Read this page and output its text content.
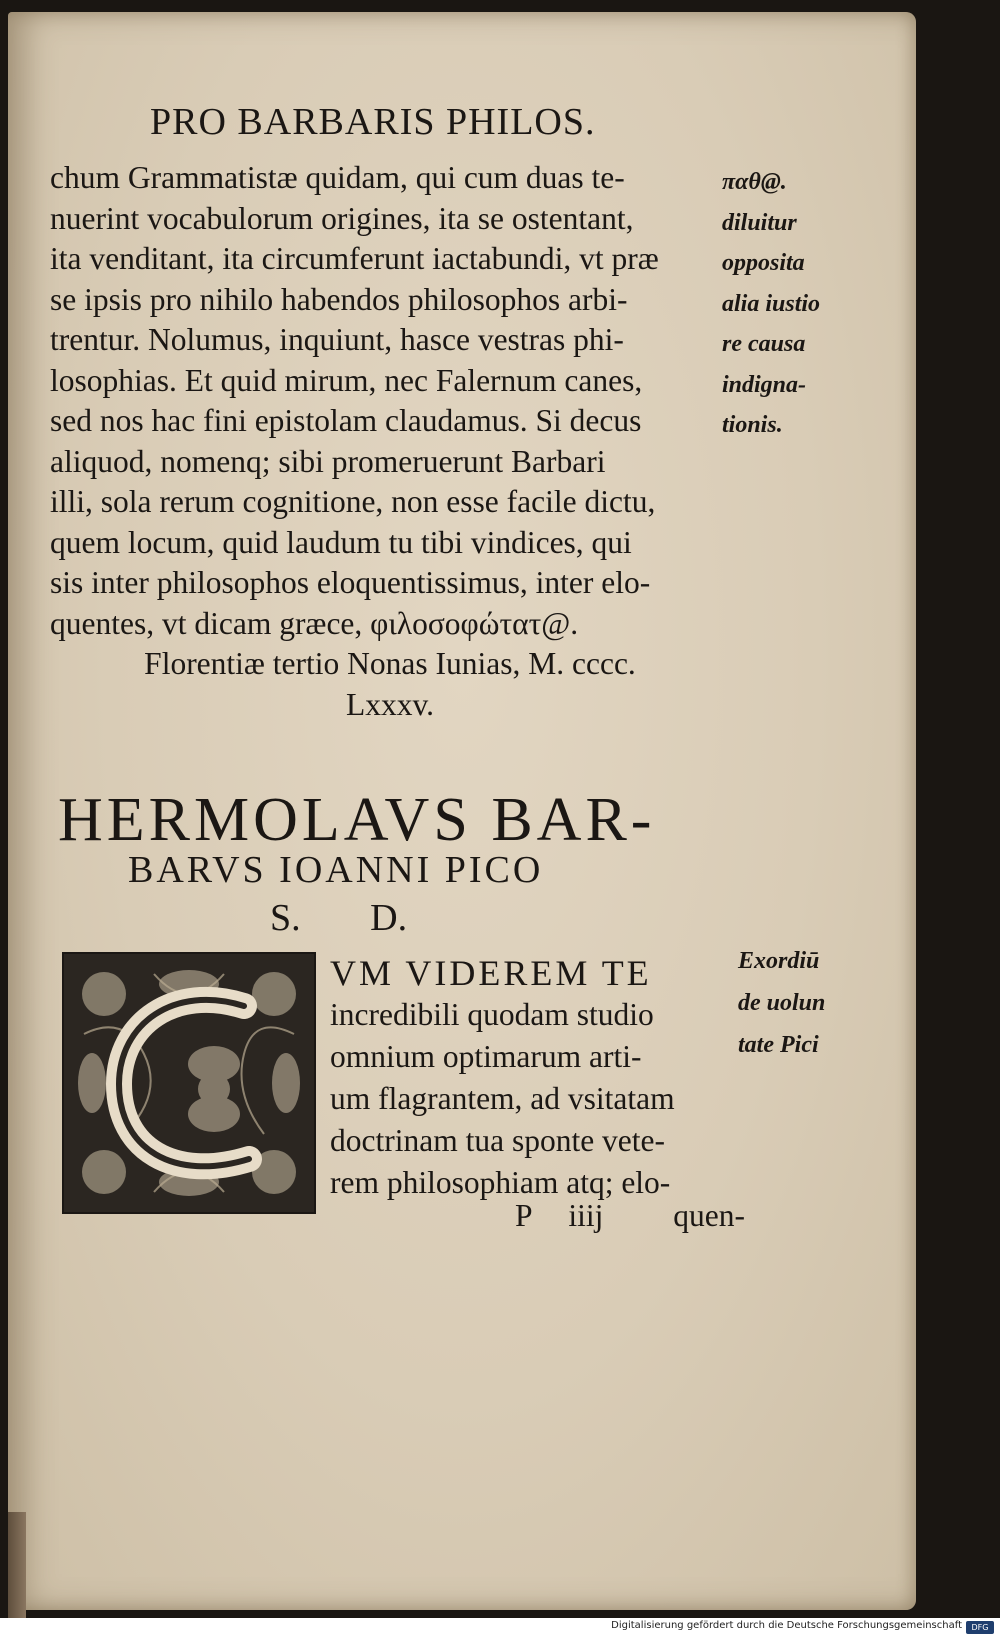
PRO BARBARIS PHILOS.
chum Grammatistæ quidam, qui cum duas te-
nuerint vocabulorum origines, ita se ostentant,
ita venditant, ita circumferunt iactabundi, vt præ
se ipsis pro nihilo habendos philosophos arbi-
trentur. Nolumus, inquiunt, hasce vestras phi-
losophias. Et quid mirum, nec Falernum canes,
sed nos hac fini epistolam claudamus. Si decus
aliquod, nomenq; sibi promeruerunt Barbari
illi, sola rerum cognitione, non esse facile dictu,
quem locum, quid laudum tu tibi vindices, qui
sis inter philosophos eloquentissimus, inter elo-
quentes, vt dicam græce, φιλοσοφώτατ@.
Florentiæ tertio Nonas Iunias, M. cccc.
Lxxxv.
παθ@.
diluitur
opposita
alia iustio
re causa
indigna-
tionis.
HERMOLAVS BAR-
BARVS IOANNI PICO
S. D.
VM VIDEREM TE
incredibili quodam studio
omnium optimarum arti-
um flagrantem, ad vsitatam
doctrinam tua sponte vete-
rem philosophiam atq; elo-
Exordiū
de uolun
tate Pici
P iiij quen-
Digitalisierung gefördert durch die Deutsche Forschungsgemeinschaft	DFG
